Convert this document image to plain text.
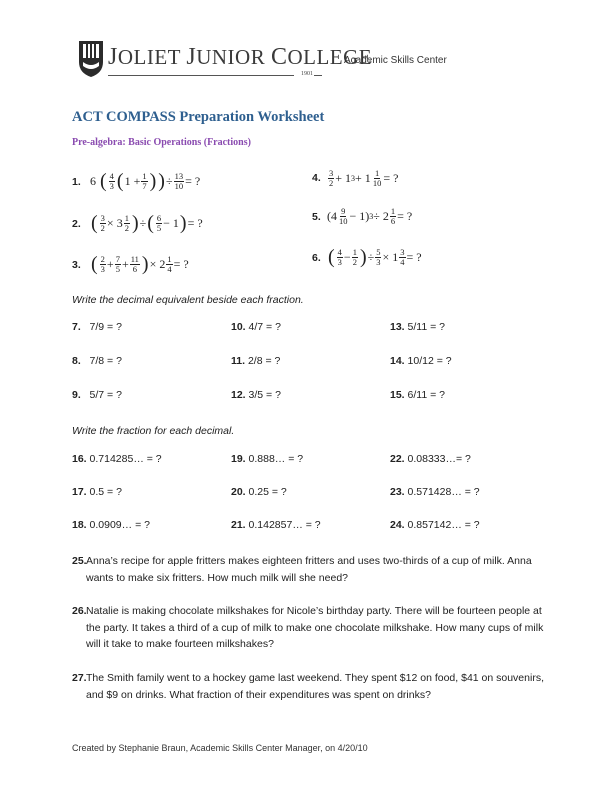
JOLIET JUNIOR COLLEGE
1901
Academic Skills Center
ACT COMPASS Preparation Worksheet
Pre-algebra: Basic Operations (Fractions)
1. 6 ( $\frac{4}{3}$ ( $1 + \frac{1}{7}$ ) ) ÷ $\frac{13}{10}$ = ?	4. $\frac{3}{2} + 1$ $3 + 1 \frac{1}{10}$ = ?
2. ( $\frac{3}{2} \times 3 \frac{1}{2}$ ) ÷ ( $\frac{6}{5} - 1$ ) = ?	5. $(4 \frac{9}{10} - 1)$ $3 \div 2 \frac{1}{6}$ = ?
3. ( $\frac{2}{3} + \frac{7}{5} + \frac{11}{6}$ ) × $2 \frac{1}{4}$ = ?	6. ( $\frac{4}{3} - \frac{1}{2}$ ) ÷ $\frac{5}{3} \times 1 \frac{3}{4}$ = ?
Write the decimal equivalent beside each fraction.
7. 7/9 = ?	10. 4/7 = ?	13. 5/11 = ?
8. 7/8 = ?	11. 2/8 = ?	14. 10/12 = ?
9. 5/7 = ?	12. 3/5 = ?	15. 6/11 = ?
Write the fraction for each decimal.
16. 0.714285… = ?	19. 0.888… = ?	22. 0.08333…= ?
17. 0.5 = ?	20. 0.25 = ?	23. 0.571428… = ?
18. 0.0909… = ?	21. 0.142857… = ?	24. 0.857142… = ?
25. Anna’s recipe for apple fritters makes eighteen fritters and uses two-thirds of a cup of milk. Anna wants to make six fritters. How much milk will she need?
26. Natalie is making chocolate milkshakes for Nicole’s birthday party. There will be fourteen people at the party. It takes a third of a cup of milk to make one chocolate milkshake. How many cups of milk will it take to make fourteen milkshakes?
27. The Smith family went to a hockey game last weekend. They spent $12 on food, $41 on souvenirs, and $9 on drinks. What fraction of their expenditures was spent on drinks?
Created by Stephanie Braun, Academic Skills Center Manager, on 4/20/10
